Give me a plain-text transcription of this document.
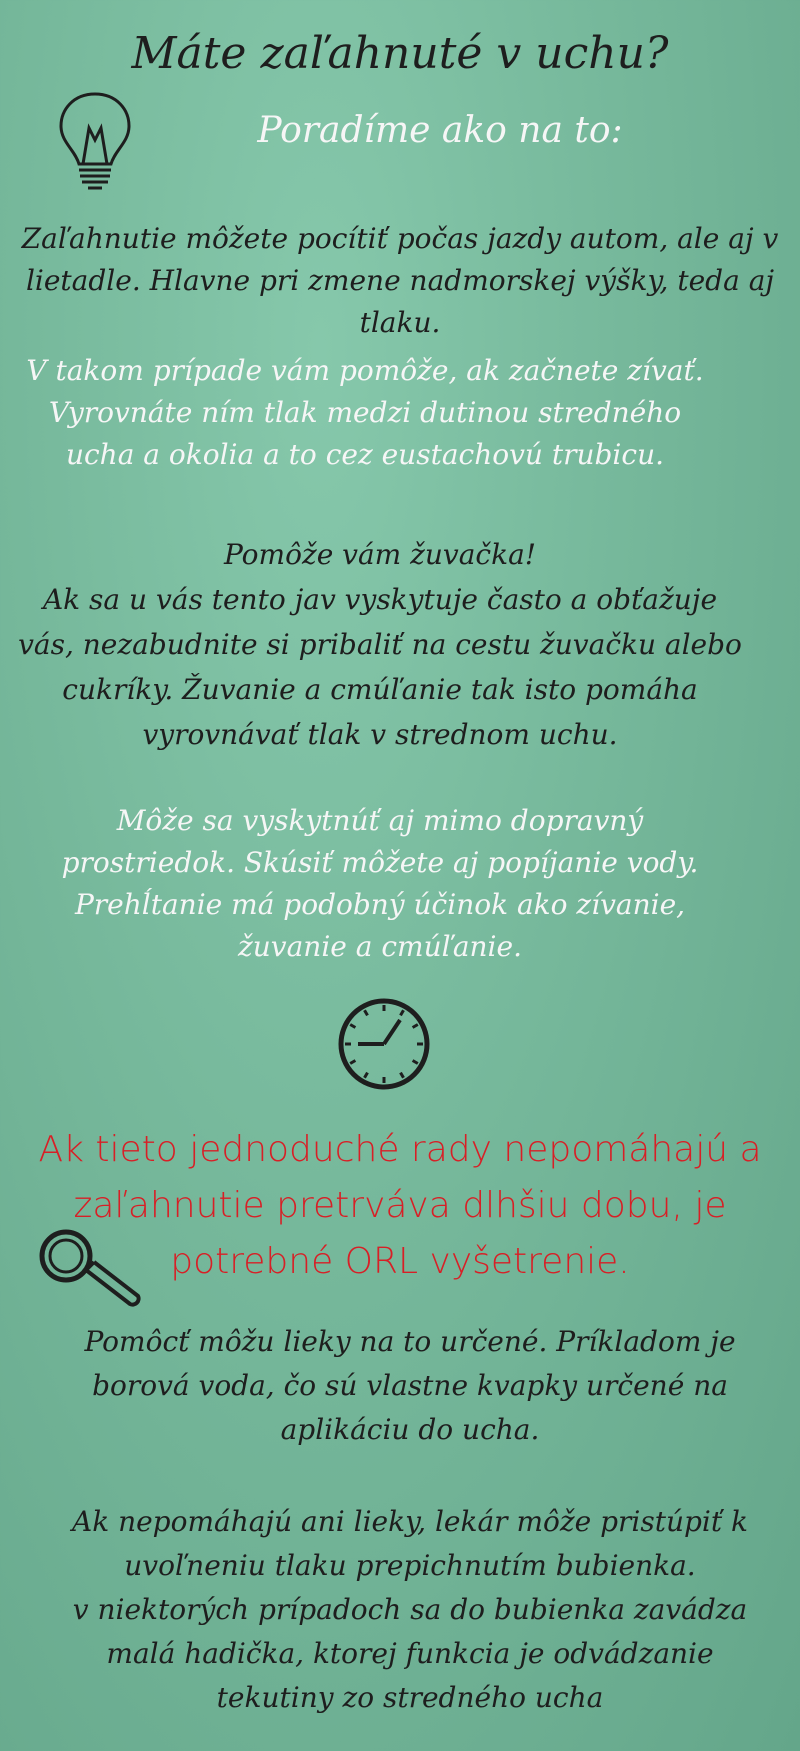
Máte zaľahnuté v uchu?
Poradíme ako na to:
Zaľahnutie môžete pocítiť počas jazdy autom, ale aj v
lietadle. Hlavne pri zmene nadmorskej výšky, teda aj
tlaku.
V takom prípade vám pomôže, ak začnete zívať.
Vyrovnáte ním tlak medzi dutinou stredného
ucha a okolia a to cez eustachovú trubicu.
Pomôže vám žuvačka!
Ak sa u vás tento jav vyskytuje často a obťažuje
vás, nezabudnite si pribaliť na cestu žuvačku alebo
cukríky. Žuvanie a cmúľanie tak isto pomáha
vyrovnávať tlak v strednom uchu.
Môže sa vyskytnúť aj mimo dopravný
prostriedok. Skúsiť môžete aj popíjanie vody.
Prehĺtanie má podobný účinok ako zívanie,
žuvanie a cmúľanie.
Ak tieto jednoduché rady nepomáhajú a
zaľahnutie pretrváva dlhšiu dobu, je
potrebné ORL vyšetrenie.
Pomôcť môžu lieky na to určené. Príkladom je
borová voda, čo sú vlastne kvapky určené na
aplikáciu do ucha.
Ak nepomáhajú ani lieky, lekár môže pristúpiť k
uvoľneniu tlaku prepichnutím bubienka.
v niektorých prípadoch sa do bubienka zavádza
malá hadička, ktorej funkcia je odvádzanie
tekutiny zo stredného ucha
